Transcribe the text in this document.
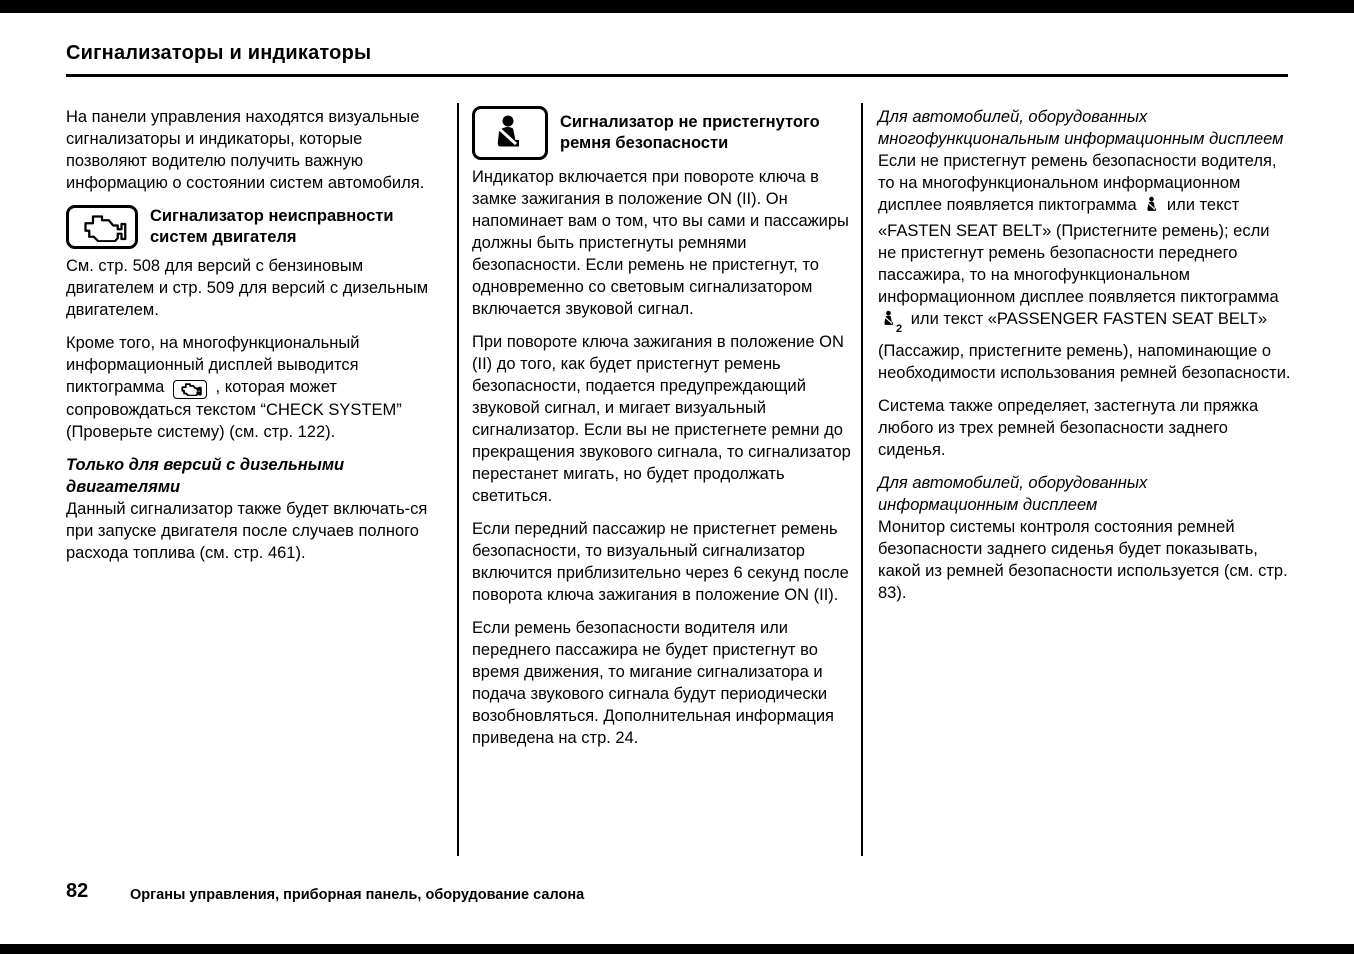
Сигнализаторы и индикаторы

На панели управления находятся визуальные сигнализаторы и индикаторы, которые позволяют водителю получить важную информацию о состоянии систем автомобиля.

Сигнализатор неисправности систем двигателя

См. стр. 508 для версий с бензиновым двигателем и стр. 509 для версий с дизельным двигателем.

Кроме того, на многофункциональный информационный дисплей выводится пиктограмма	, которая может сопровождаться текстом “CHECK SYSTEM” (Проверьте систему) (см. стр. 122).

Только для версий с дизельными двигателями

Данный сигнализатор также будет включать-ся при запуске двигателя после случаев полного расхода топлива (см. стр. 461).

Сигнализатор не пристегнутого ремня безопасности

Индикатор включается при повороте ключа в замке зажигания в положение ON (II). Он напоминает вам о том, что вы сами и пассажиры должны быть пристегнуты ремнями безопасности. Если ремень не пристегнут, то одновременно со световым сигнализатором включается звуковой сигнал.

При повороте ключа зажигания в положение ON (II) до того, как будет пристегнут ремень безопасности, подается предупреждающий звуковой сигнал, и мигает визуальный сигнализатор. Если вы не пристегнете ремни до прекращения звукового сигнала, то сигнализатор перестанет мигать, но будет продолжать светиться.

Если передний пассажир не пристегнет ремень безопасности, то визуальный сигнализатор включится приблизительно через 6 секунд после поворота ключа зажигания в положение ON (II).

Если ремень безопасности водителя или переднего пассажира не будет пристегнут во время движения, то мигание сигнализатора и подача звукового сигнала будут периодически возобновляться. Дополнительная информация приведена на стр. 24.

Для автомобилей, оборудованных многофункциональным информационным дисплеем

Если не пристегнут ремень безопасности водителя, то на многофункциональном информационном дисплее появляется пиктограмма или текст «FASTEN SEAT BELT» (Пристегните ремень); если не пристегнут ремень безопасности переднего пассажира, то на многофункциональном информационном дисплее появляется пиктограмма $_2$ или текст «PASSENGER FASTEN SEAT BELT» (Пассажир, пристегните ремень), напоминающие о необходимости использования ремней безопасности.

Система также определяет, застегнута ли пряжка любого из трех ремней безопасности заднего сиденья.

Для автомобилей, оборудованных информационным дисплеем

Монитор системы контроля состояния ремней безопасности заднего сиденья будет показывать, какой из ремней безопасности используется (см. стр. 83).

82	Органы управления, приборная панель, оборудование салона
